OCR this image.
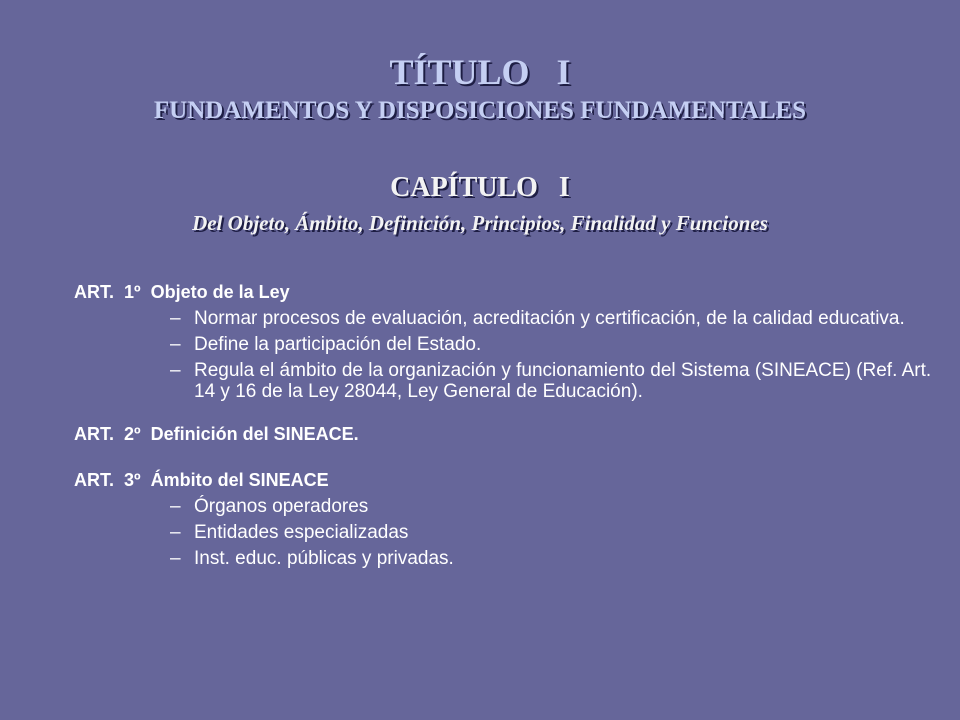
TÍTULO   I
FUNDAMENTOS Y DISPOSICIONES FUNDAMENTALES
CAPÍTULO   I
Del Objeto, Ámbito, Definición, Principios, Finalidad y Funciones

ART.  1º  Objeto de la Ley

– Normar procesos de evaluación, acreditación y certificación, de la calidad educativa.
– Define la participación del Estado.
– Regula el ámbito de la organización y funcionamiento del Sistema (SINEACE) (Ref. Art. 14 y 16 de la Ley 28044, Ley General de Educación).

ART.  2º  Definición del SINEACE.

ART.  3º  Ámbito del SINEACE

– Órganos operadores
– Entidades especializadas
– Inst. educ. públicas y privadas.
